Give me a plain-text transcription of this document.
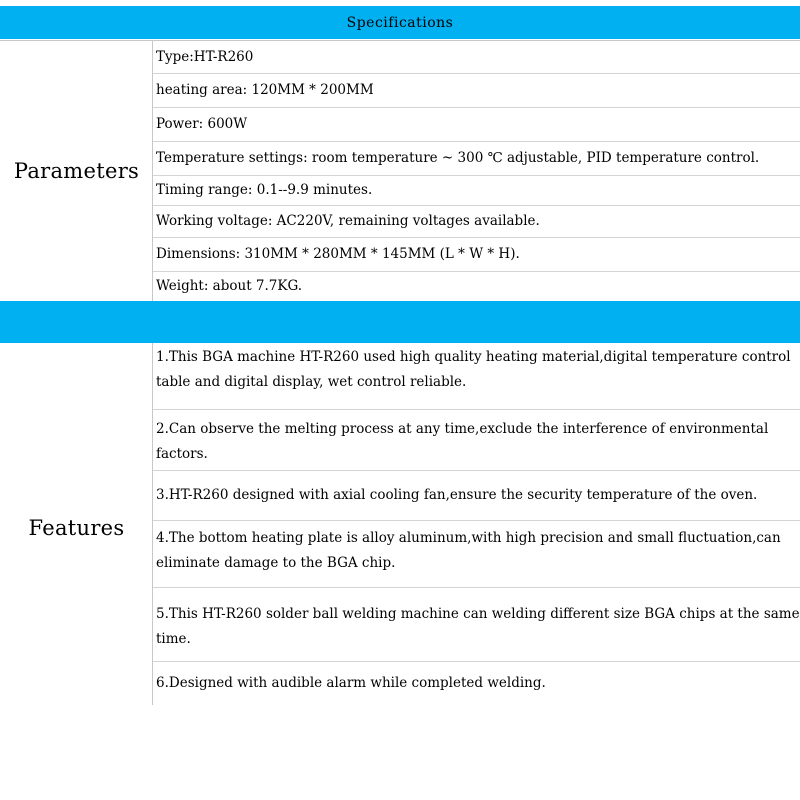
Specifications
Parameters
Type:HT-R260
heating area: 120MM * 200MM
Power: 600W
Temperature settings: room temperature ~ 300 ℃ adjustable, PID temperature control.
Timing range: 0.1--9.9 minutes.
Working voltage: AC220V, remaining voltages available.
Dimensions: 310MM * 280MM * 145MM (L * W * H).
Weight: about 7.7KG.
Features
1.This BGA machine HT-R260 used high quality heating material,digital temperature control table and digital display, wet control reliable.
2.Can observe the melting process at any time,exclude the interference of environmental factors.
3.HT-R260 designed with axial cooling fan,ensure the security temperature of the oven.
4.The bottom heating plate is alloy aluminum,with high precision and small fluctuation,can eliminate damage to the BGA chip.
5.This HT-R260 solder ball welding machine can welding different size BGA chips at the same time.
6.Designed with audible alarm while completed welding.
